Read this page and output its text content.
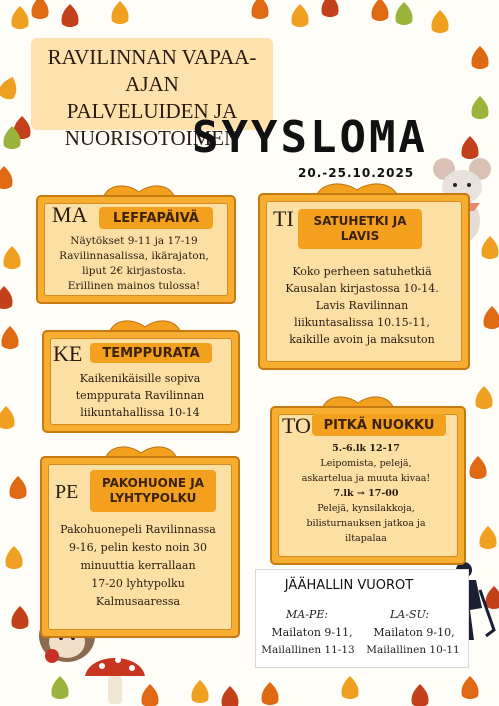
RAVILINNAN VAPAA-AJAN
PALVELUIDEN JA
NUORISOTOIMEN
SYYSLOMA
20.-25.10.2025
MA	LEFFAPÄIVÄ
Näytökset 9-11 ja 17-19
Ravilinnasalissa, ikärajaton,
liput 2€ kirjastosta.
Erillinen mainos tulossa!
TI SATUHETKI JA
LAVIS
Koko perheen satuhetkiä
Kausalan kirjastossa 10-14.
Lavis Ravilinnan
liikuntasalissa 10.15-11,
kaikille avoin ja maksuton
KE	TEMPPURATA
Kaikenikäisille sopiva
temppurata Ravilinnan
liikuntahallissa 10-14
TO PITKÄ NUOKKU
5.-6.lk 12-17
Leipomista, pelejä,
askartelua ja muuta kivaa!
7.lk → 17-00
Pelejä, kynsilakkoja,
bilisturnauksen jatkoa ja
iltapalaa
PE PAKOHUONE JA
LYHTYPOLKU
Pakohuonepeli Ravilinnassa
9-16, pelin kesto noin 30
minuuttia kerrallaan
17-20 lyhtypolku
Kalmusaaressa
JÄÄHALLIN VUOROT
MA-PE:
Mailaton 9-11,
Mailallinen 11-13
LA-SU:
Mailaton 9-10,
Mailallinen 10-11
